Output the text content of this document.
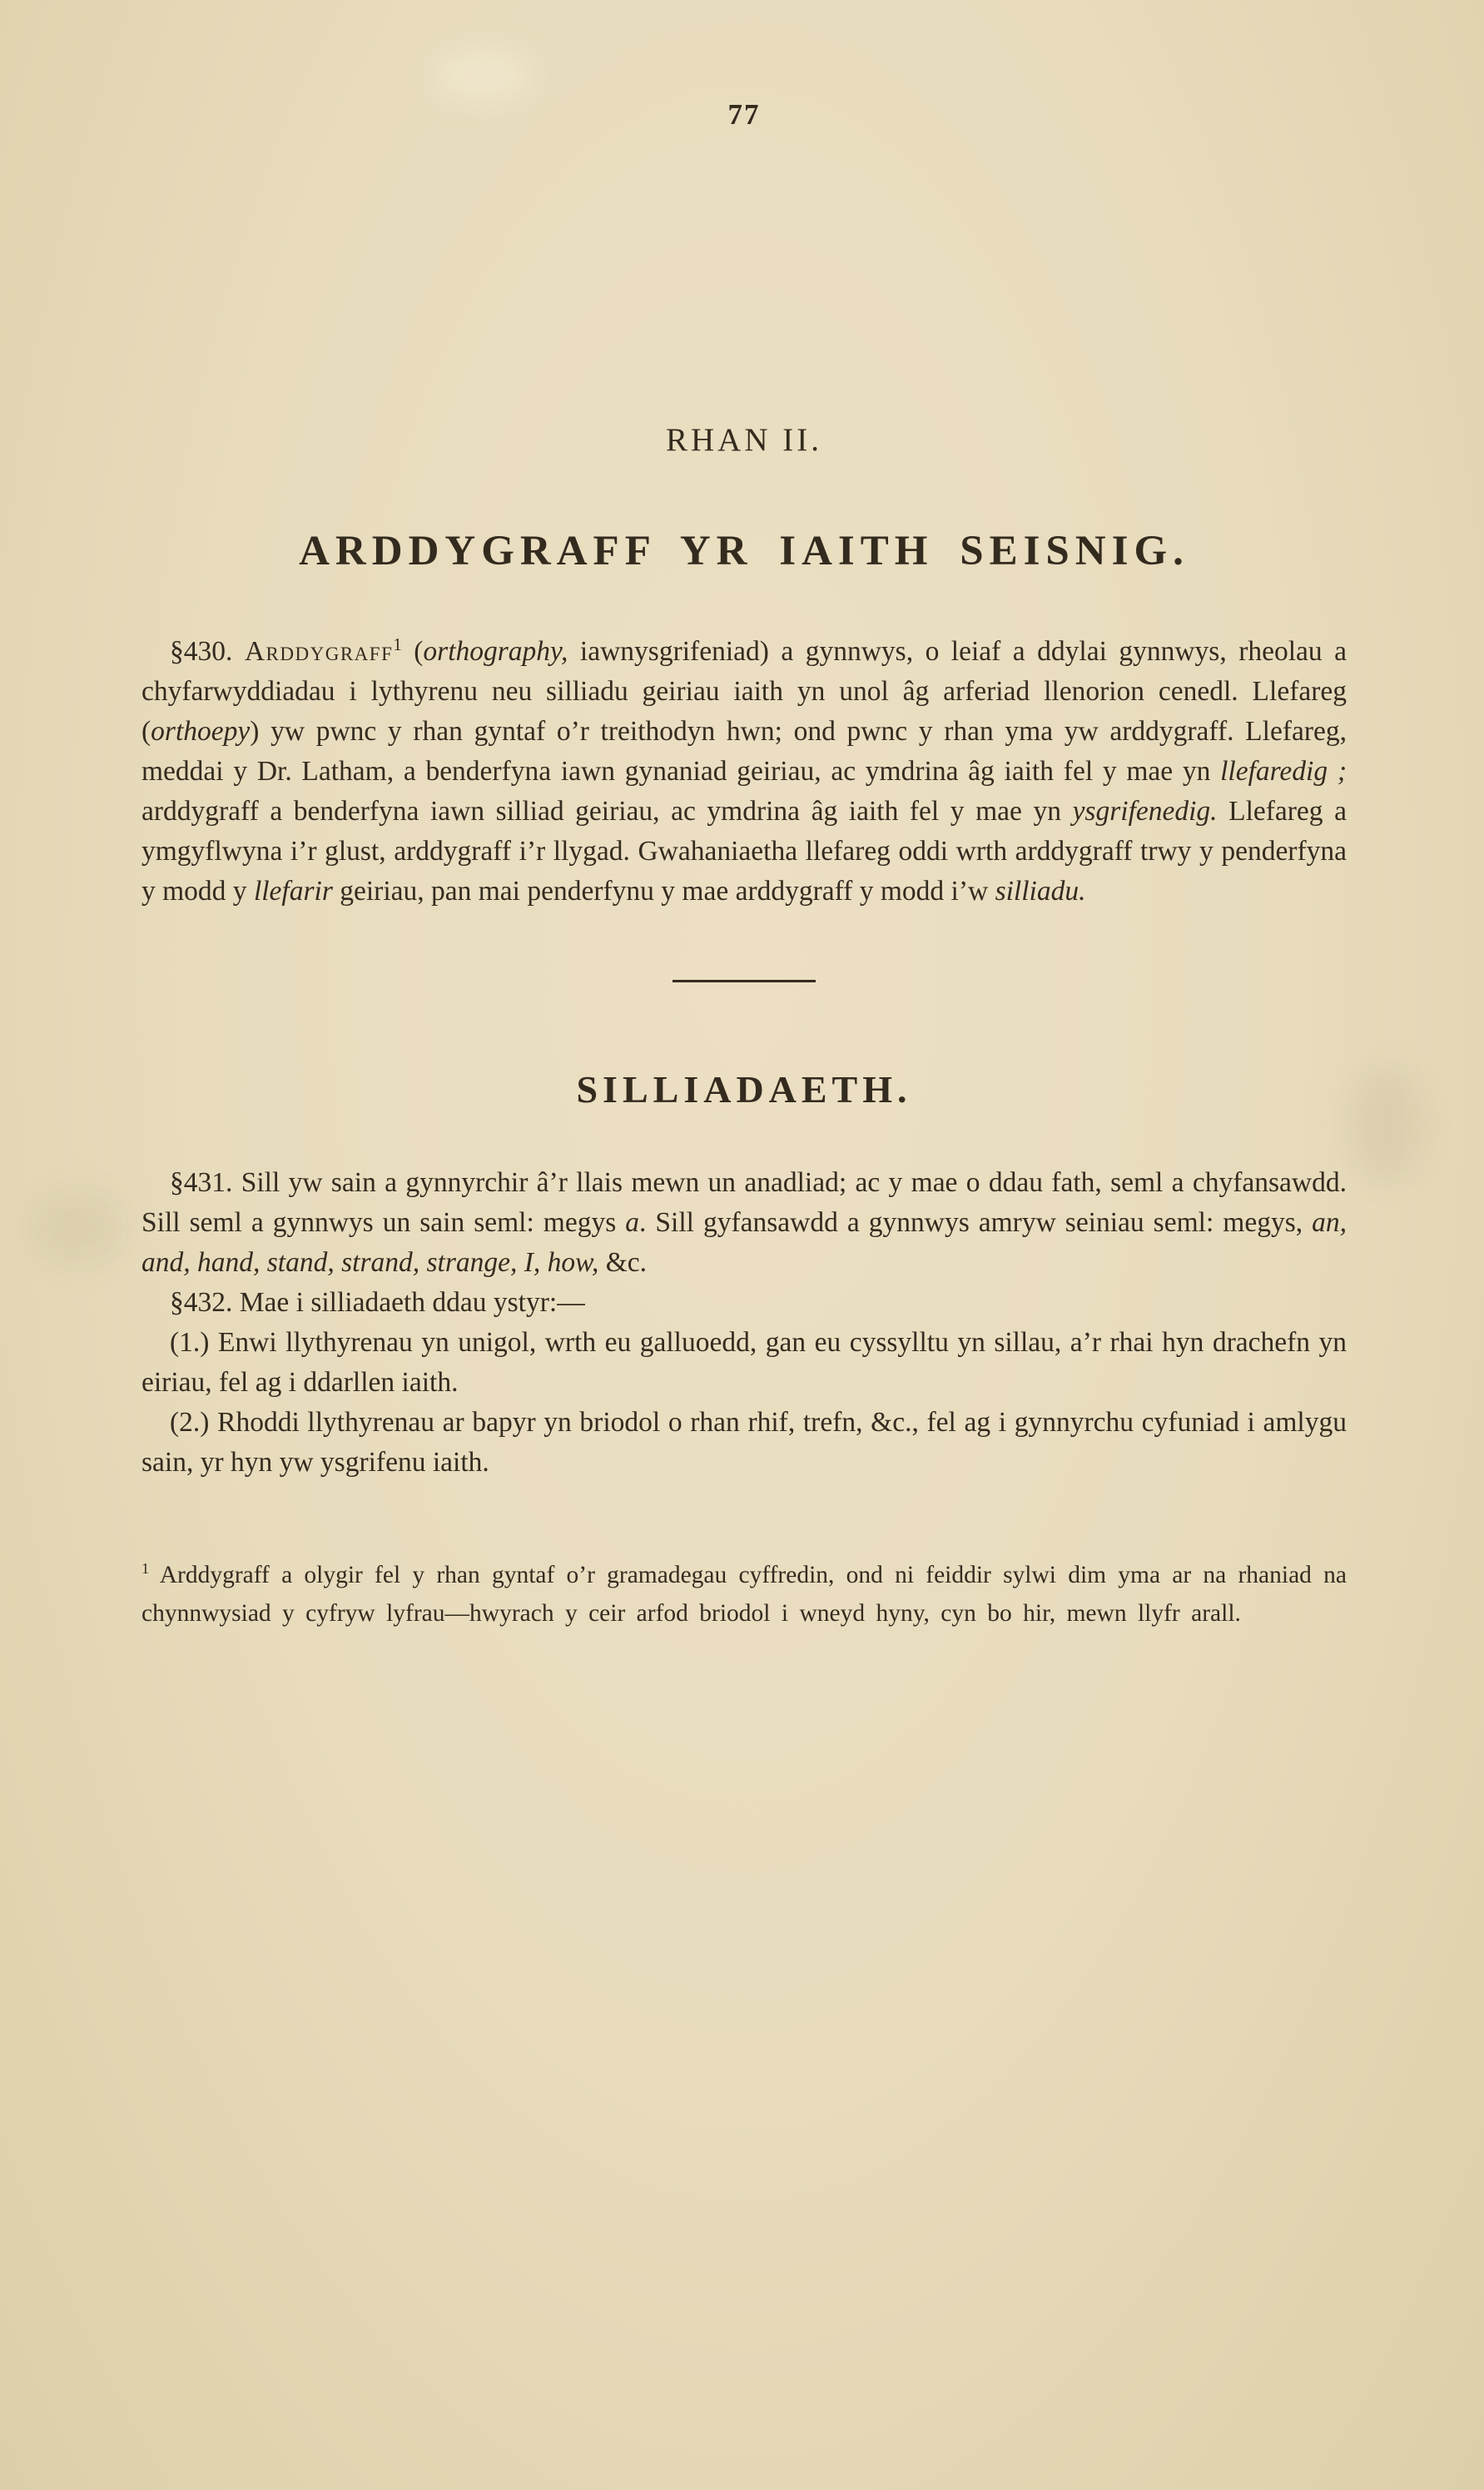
77
RHAN II.
ARDDYGRAFF YR IAITH SEISNIG.

§430. Arddygraff$^1$ (orthography, iawnysgrifeniad) a gynnwys, o leiaf a ddylai gynnwys, rheolau a chyfarwyddiadau i lythyrenu neu silliadu geiriau iaith yn unol âg arferiad llenorion cenedl. Llefareg (orthoepy) yw pwnc y rhan gyntaf o’r treithodyn hwn; ond pwnc y rhan yma yw arddygraff. Llefareg, meddai y Dr. Latham, a benderfyna iawn gynaniad geiriau, ac ymdrina âg iaith fel y mae yn llefaredig ; arddygraff a benderfyna iawn silliad geiriau, ac ymdrina âg iaith fel y mae yn ysgrifenedig. Llefareg a ymgyflwyna i’r glust, arddygraff i’r llygad. Gwahaniaetha llefareg oddi wrth arddygraff trwy y penderfyna y modd y llefarir geiriau, pan mai penderfynu y mae arddygraff y modd i’w silliadu.

SILLIADAETH.

§431. Sill yw sain a gynnyrchir â’r llais mewn un anadliad; ac y mae o ddau fath, seml a chyfansawdd. Sill seml a gynnwys un sain seml: megys a. Sill gyfansawdd a gynnwys amryw seiniau seml: megys, an, and, hand, stand, strand, strange, I, how, &c.

§432. Mae i silliadaeth ddau ystyr:—

(1.) Enwi llythyrenau yn unigol, wrth eu galluoedd, gan eu cyssylltu yn sillau, a’r rhai hyn drachefn yn eiriau, fel ag i ddarllen iaith.

(2.) Rhoddi llythyrenau ar bapyr yn briodol o rhan rhif, trefn, &c., fel ag i gynnyrchu cyfuniad i amlygu sain, yr hyn yw ysgrifenu iaith.

$^1$ Arddygraff a olygir fel y rhan gyntaf o’r gramadegau cyffredin, ond ni feiddir sylwi dim yma ar na rhaniad na chynnwysiad y cyfryw lyfrau—hwyrach y ceir arfod briodol i wneyd hyny, cyn bo hir, mewn llyfr arall.
